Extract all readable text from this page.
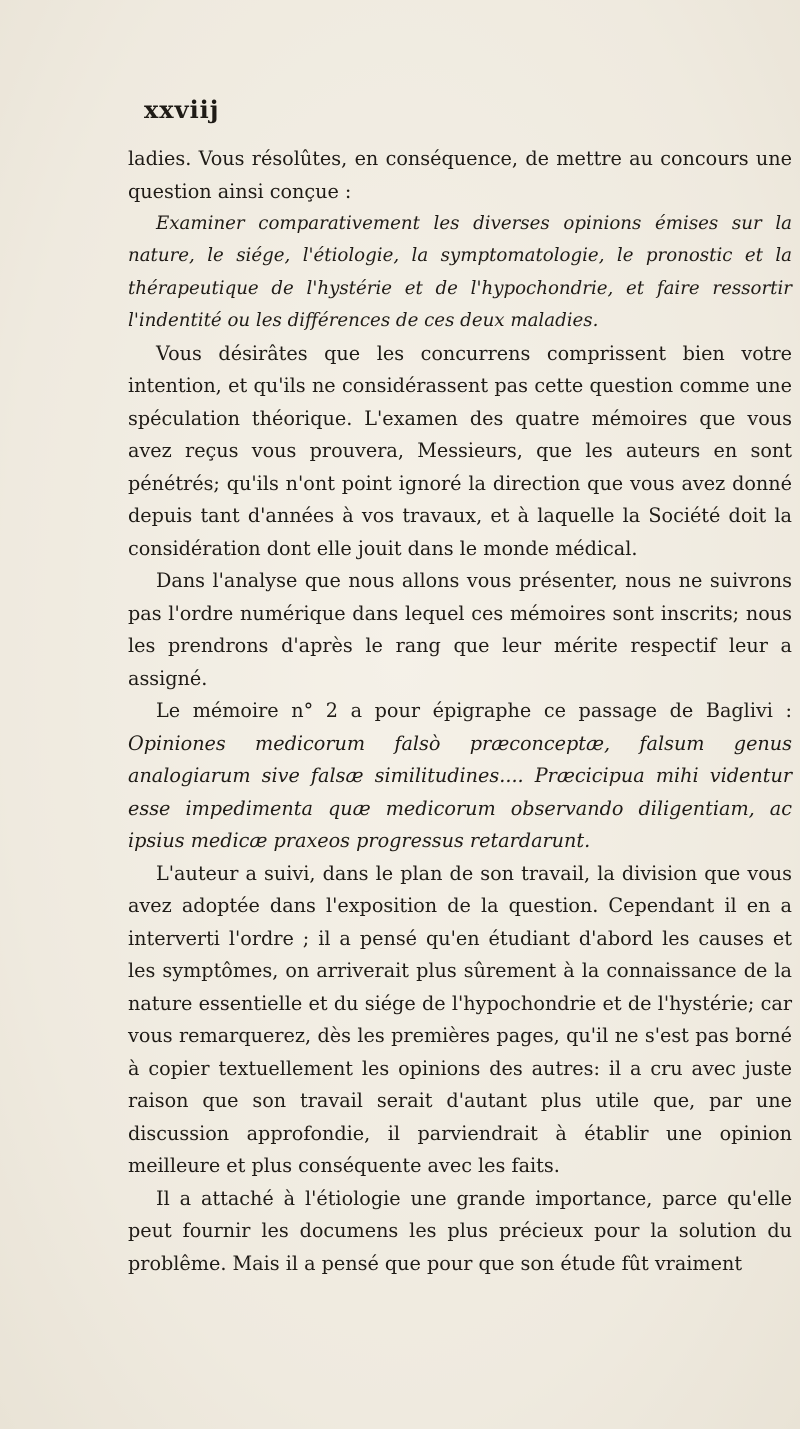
xxviij

ladies. Vous résolûtes, en conséquence, de mettre au concours une question ainsi conçue :

Examiner comparativement les diverses opinions émises sur la nature, le siége, l'étiologie, la symptomatologie, le pronostic et la thérapeutique de l'hystérie et de l'hypochondrie, et faire ressortir l'indentité ou les différences de ces deux maladies.

Vous désirâtes que les concurrens comprissent bien votre intention, et qu'ils ne considérassent pas cette question comme une spéculation théorique. L'examen des quatre mémoires que vous avez reçus vous prouvera, Messieurs, que les auteurs en sont pénétrés; qu'ils n'ont point ignoré la direction que vous avez donné depuis tant d'années à vos travaux, et à laquelle la Société doit la considération dont elle jouit dans le monde médical.

Dans l'analyse que nous allons vous présenter, nous ne suivrons pas l'ordre numérique dans lequel ces mémoires sont inscrits; nous les prendrons d'après le rang que leur mérite respectif leur a assigné.

Le mémoire n° 2 a pour épigraphe ce passage de Baglivi : Opiniones medicorum falsò præconceptæ, falsum genus analogiarum sive falsæ similitudines.... Præcicipua mihi videntur esse impedimenta quæ medicorum observando diligentiam, ac ipsius medicæ praxeos progressus retardarunt.

L'auteur a suivi, dans le plan de son travail, la division que vous avez adoptée dans l'exposition de la question. Cependant il en a interverti l'ordre ; il a pensé qu'en étudiant d'abord les causes et les symptômes, on arriverait plus sûrement à la connaissance de la nature essentielle et du siége de l'hypochondrie et de l'hystérie; car vous remarquerez, dès les premières pages, qu'il ne s'est pas borné à copier textuellement les opinions des autres: il a cru avec juste raison que son travail serait d'autant plus utile que, par une discussion approfondie, il parviendrait à établir une opinion meilleure et plus conséquente avec les faits.

Il a attaché à l'étiologie une grande importance, parce qu'elle peut fournir les documens les plus précieux pour la solution du problême. Mais il a pensé que pour que son étude fût vraiment
